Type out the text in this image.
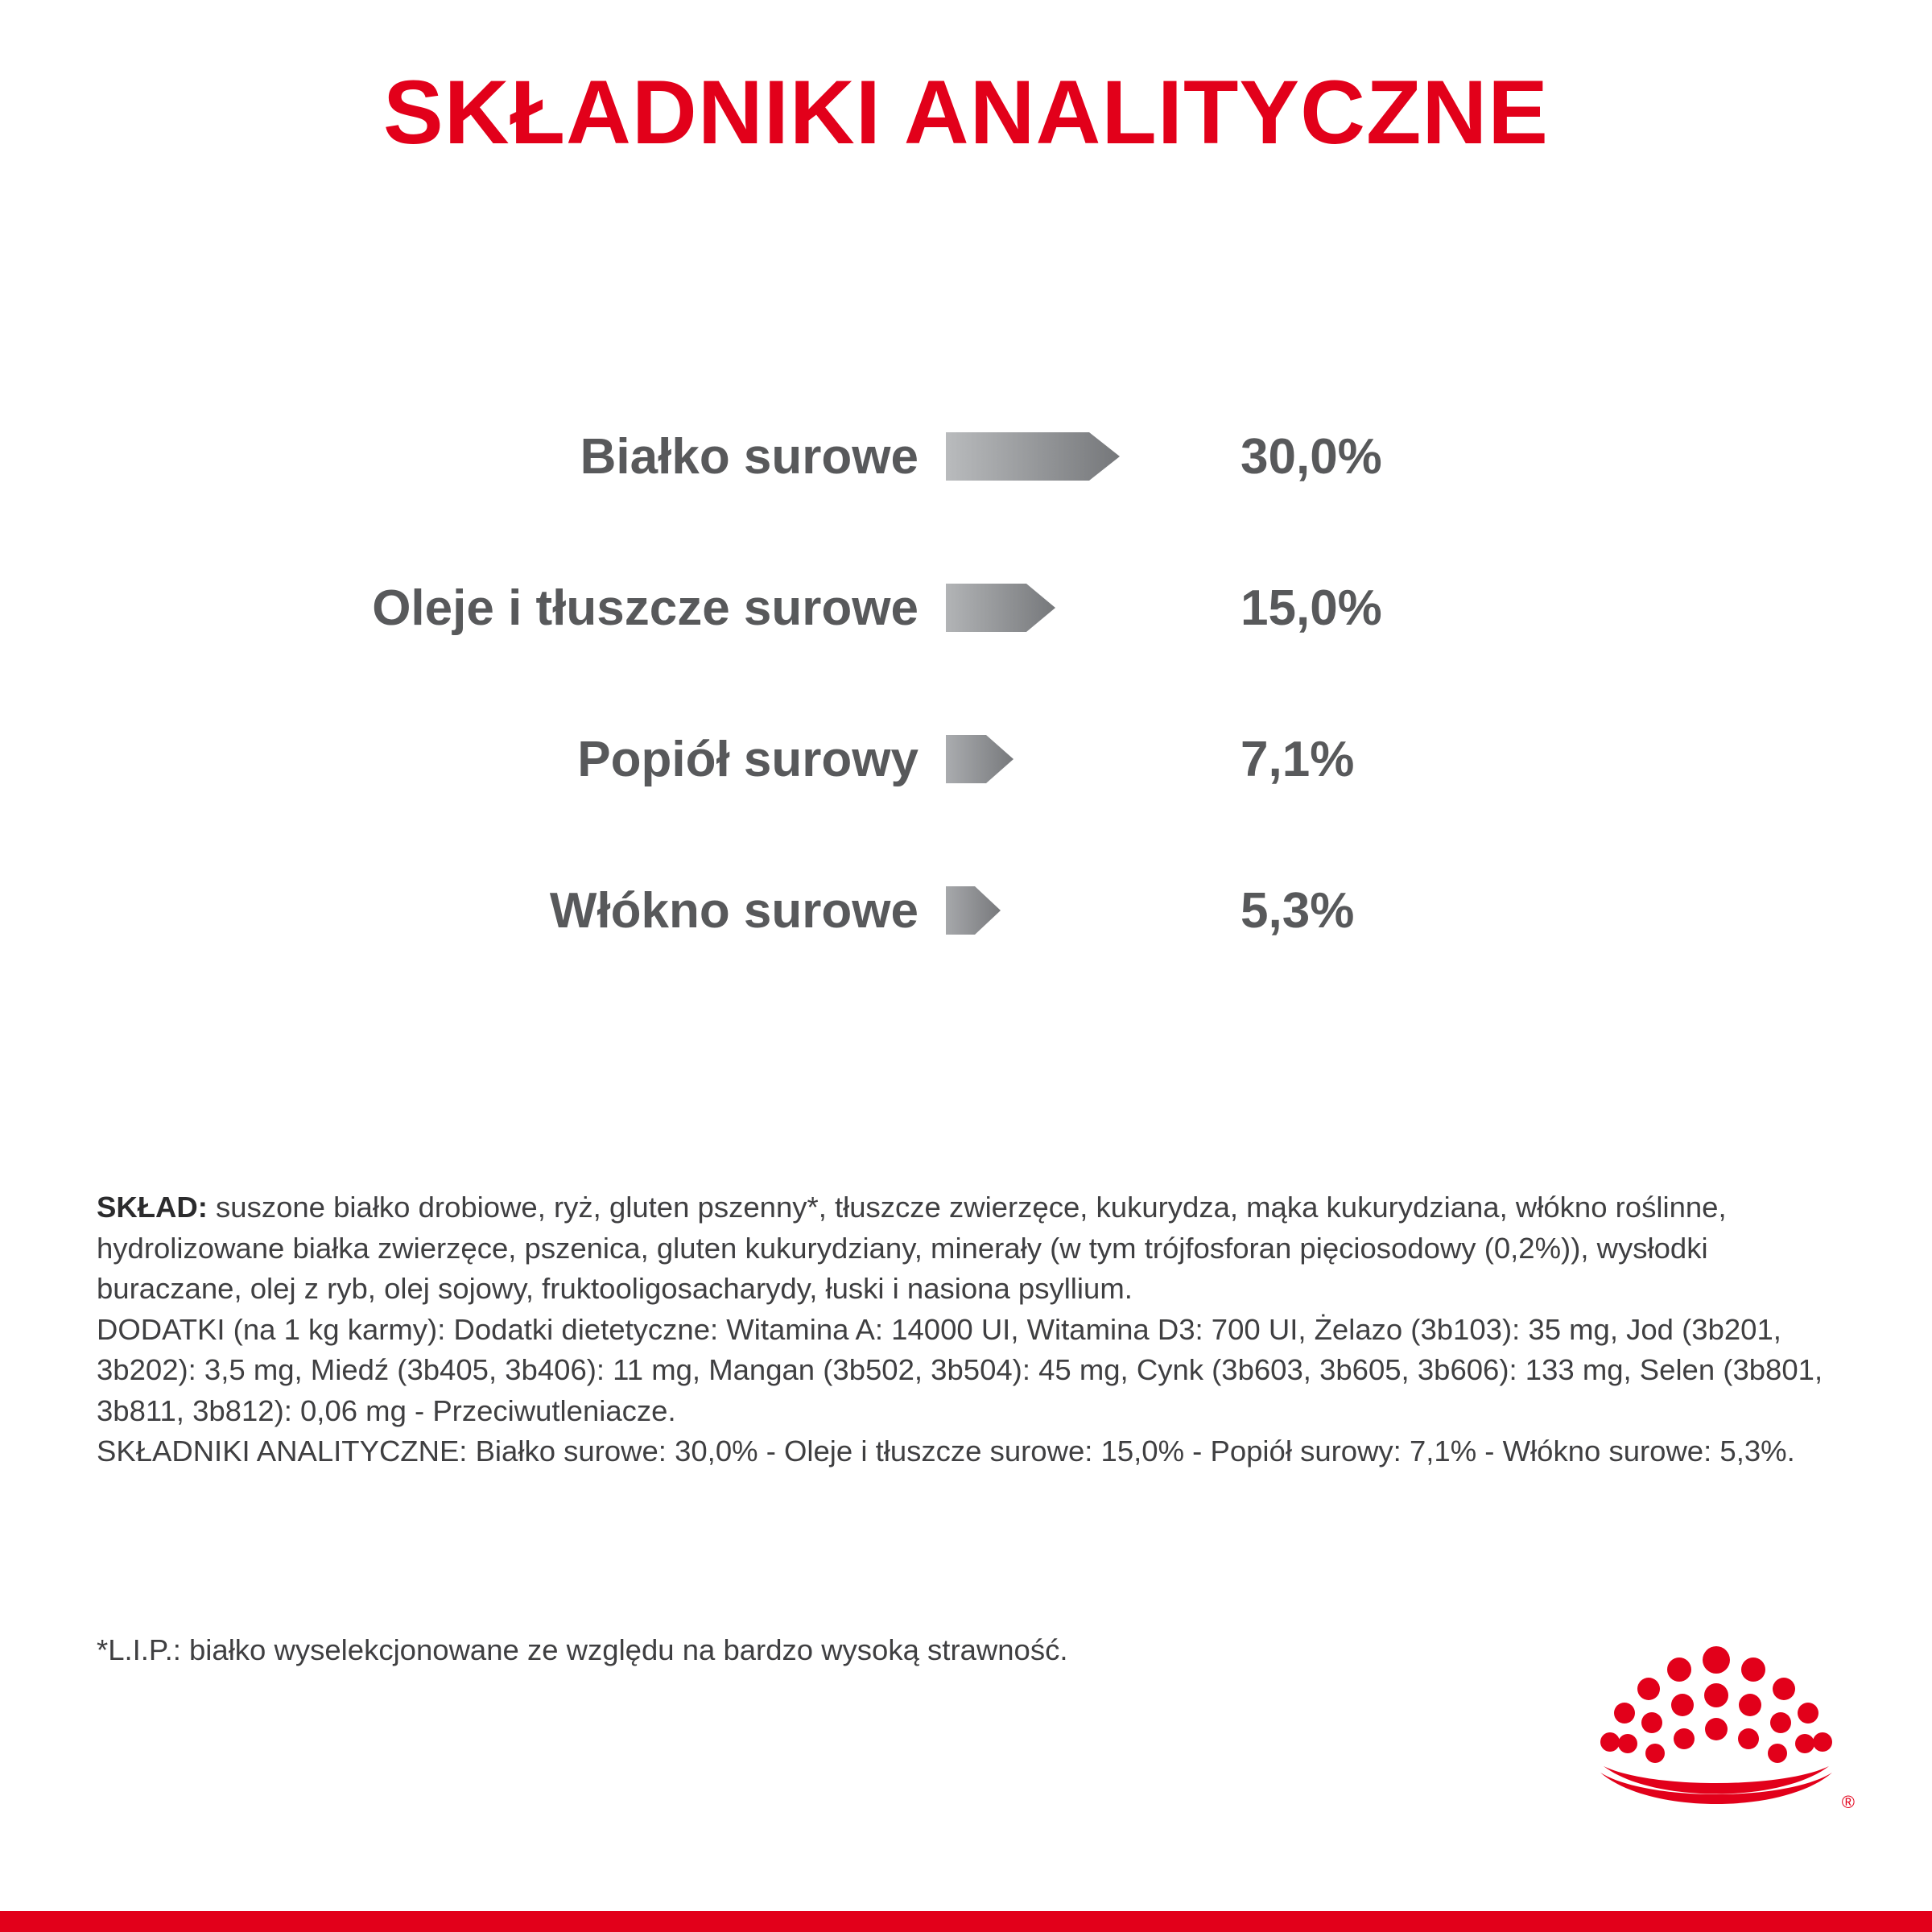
SKŁADNIKI ANALITYCZNE
Białko surowe	30,0%
Oleje i tłuszcze surowe	15,0%
Popiół surowy	7,1%
Włókno surowe	5,3%

SKŁAD: suszone białko drobiowe, ryż, gluten pszenny*, tłuszcze zwierzęce, kukurydza, mąka kukurydziana, włókno roślinne, hydrolizowane białka zwierzęce, pszenica, gluten kukurydziany, minerały (w tym trójfosforan pięciosodowy (0,2%)), wysłodki buraczane, olej z ryb, olej sojowy, fruktooligosacharydy, łuski i nasiona psyllium.

DODATKI (na 1 kg karmy): Dodatki dietetyczne: Witamina A: 14000 UI, Witamina D3: 700 UI, Żelazo (3b103): 35 mg, Jod (3b201, 3b202): 3,5 mg, Miedź (3b405, 3b406): 11 mg, Mangan (3b502, 3b504): 45 mg, Cynk (3b603, 3b605, 3b606): 133 mg, Selen (3b801, 3b811, 3b812): 0,06 mg - Przeciwutleniacze.

SKŁADNIKI ANALITYCZNE: Białko surowe: 30,0% - Oleje i tłuszcze surowe: 15,0% - Popiół surowy: 7,1% - Włókno surowe: 5,3%.

*L.I.P.: białko wyselekcjonowane ze względu na bardzo wysoką strawność.
®
